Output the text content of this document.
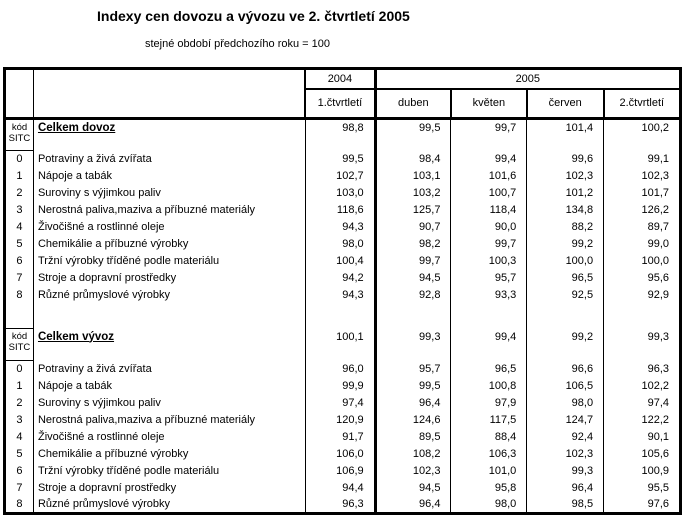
Indexy cen dovozu a vývozu ve 2. čtvrtletí 2005
stejné období předchozího roku = 100
		2004	2005			
		1.čtvrtletí	duben	květen	červen	2.čtvrtletí
kód
SITC	Celkem dovoz	98,8	99,5	99,7	101,4	100,2
0	Potraviny a živá zvířata	99,5	98,4	99,4	99,6	99,1
1	Nápoje a tabák	102,7	103,1	101,6	102,3	102,3
2	Suroviny s výjimkou paliv	103,0	103,2	100,7	101,2	101,7
3	Nerostná paliva,maziva a příbuzné materiály	118,6	125,7	118,4	134,8	126,2
4	Živočišné a rostlinné oleje	94,3	90,7	90,0	88,2	89,7
5	Chemikálie a příbuzné výrobky	98,0	98,2	99,7	99,2	99,0
6	Tržní výrobky tříděné podle materiálu	100,4	99,7	100,3	100,0	100,0
7	Stroje a dopravní prostředky	94,2	94,5	95,7	96,5	95,6
8	Různé průmyslové výrobky	94,3	92,8	93,3	92,5	92,9

kód
SITC	Celkem vývoz	100,1	99,3	99,4	99,2	99,3
0	Potraviny a živá zvířata	96,0	95,7	96,5	96,6	96,3
1	Nápoje a tabák	99,9	99,5	100,8	106,5	102,2
2	Suroviny s výjimkou paliv	97,4	96,4	97,9	98,0	97,4
3	Nerostná paliva,maziva a příbuzné materiály	120,9	124,6	117,5	124,7	122,2
4	Živočišné a rostlinné oleje	91,7	89,5	88,4	92,4	90,1
5	Chemikálie a příbuzné výrobky	106,0	108,2	106,3	102,3	105,6
6	Tržní výrobky tříděné podle materiálu	106,9	102,3	101,0	99,3	100,9
7	Stroje a dopravní prostředky	94,4	94,5	95,8	96,4	95,5
8	Různé průmyslové výrobky	96,3	96,4	98,0	98,5	97,6
